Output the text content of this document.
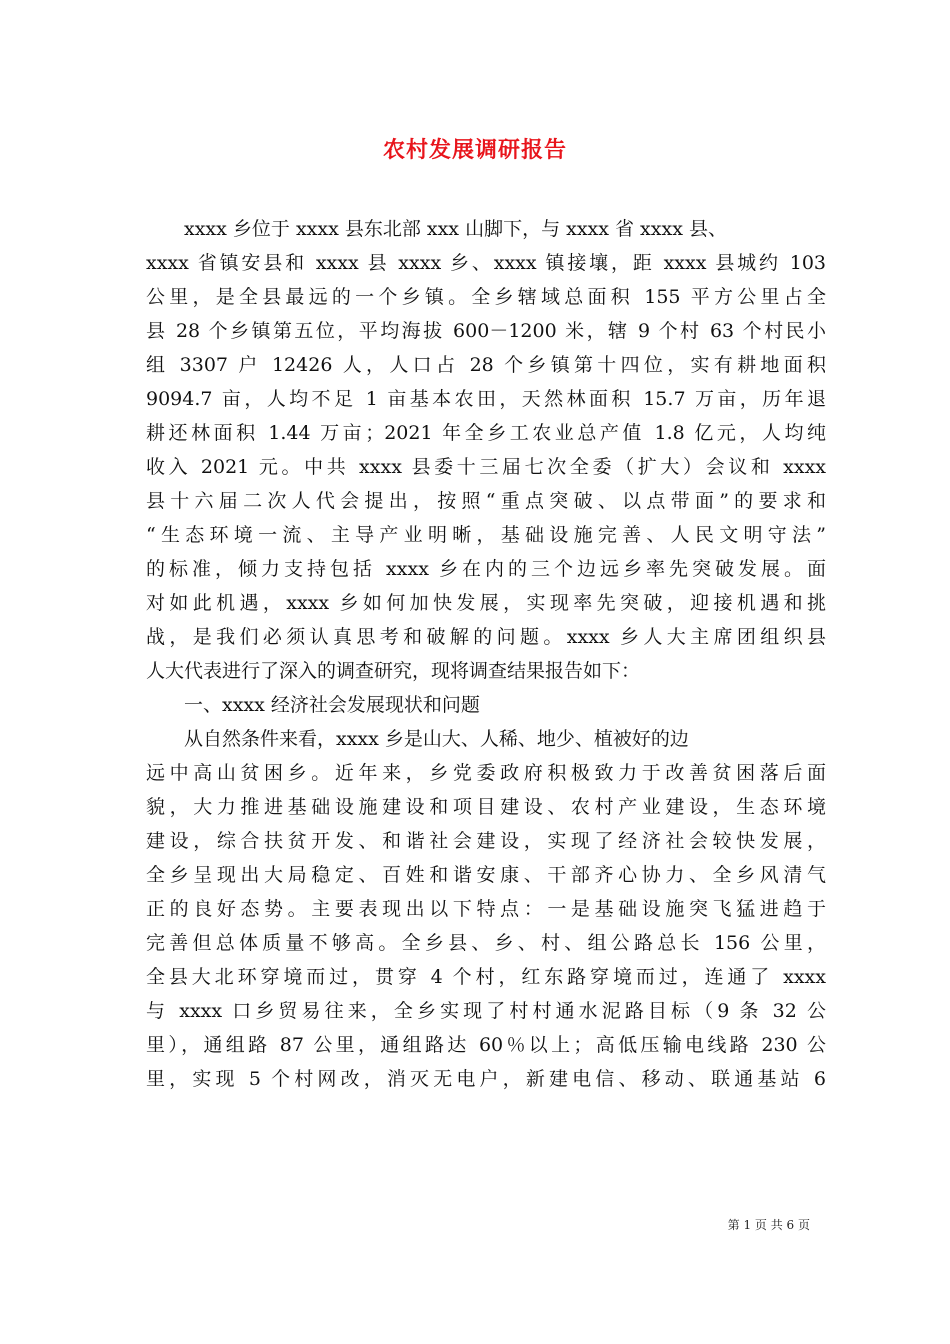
农村发展调研报告
xxxx 乡位于 xxxx 县东北部 xxx 山脚下，与 xxxx 省 xxxx 县、
xxxx 省镇安县和 xxxx 县 xxxx 乡、xxxx 镇接壤，距 xxxx 县城约 103
公里，是全县最远的一个乡镇。全乡辖域总面积 155 平方公里占全
县 28 个乡镇第五位，平均海拔 600－1200 米，辖 9 个村 63 个村民小
组 3307 户 12426 人，人口占 28 个乡镇第十四位，实有耕地面积
9094.7 亩，人均不足 1 亩基本农田，天然林面积 15.7 万亩，历年退
耕还林面积 1.44 万亩；2021 年全乡工农业总产值 1.8 亿元，人均纯
收入 2021 元。中共 xxxx 县委十三届七次全委（扩大）会议和 xxxx
县十六届二次人代会提出，按照“重点突破、以点带面”的要求和
“生态环境一流、主导产业明晰，基础设施完善、人民文明守法”
的标准，倾力支持包括 xxxx 乡在内的三个边远乡率先突破发展。面
对如此机遇，xxxx 乡如何加快发展，实现率先突破，迎接机遇和挑
战，是我们必须认真思考和破解的问题。xxxx 乡人大主席团组织县
人大代表进行了深入的调查研究，现将调查结果报告如下：
一、xxxx 经济社会发展现状和问题
从自然条件来看，xxxx 乡是山大、人稀、地少、植被好的边
远中高山贫困乡。近年来，乡党委政府积极致力于改善贫困落后面
貌，大力推进基础设施建设和项目建设、农村产业建设，生态环境
建设，综合扶贫开发、和谐社会建设，实现了经济社会较快发展，
全乡呈现出大局稳定、百姓和谐安康、干部齐心协力、全乡风清气
正的良好态势。主要表现出以下特点：一是基础设施突飞猛进趋于
完善但总体质量不够高。全乡县、乡、村、组公路总长 156 公里，
全县大北环穿境而过，贯穿 4 个村，红东路穿境而过，连通了 xxxx
与 xxxx 口乡贸易往来，全乡实现了村村通水泥路目标（9 条 32 公
里），通组路 87 公里，通组路达 60％以上；高低压输电线路 230 公
里，实现 5 个村网改，消灭无电户，新建电信、移动、联通基站 6
第 1 页 共 6 页
